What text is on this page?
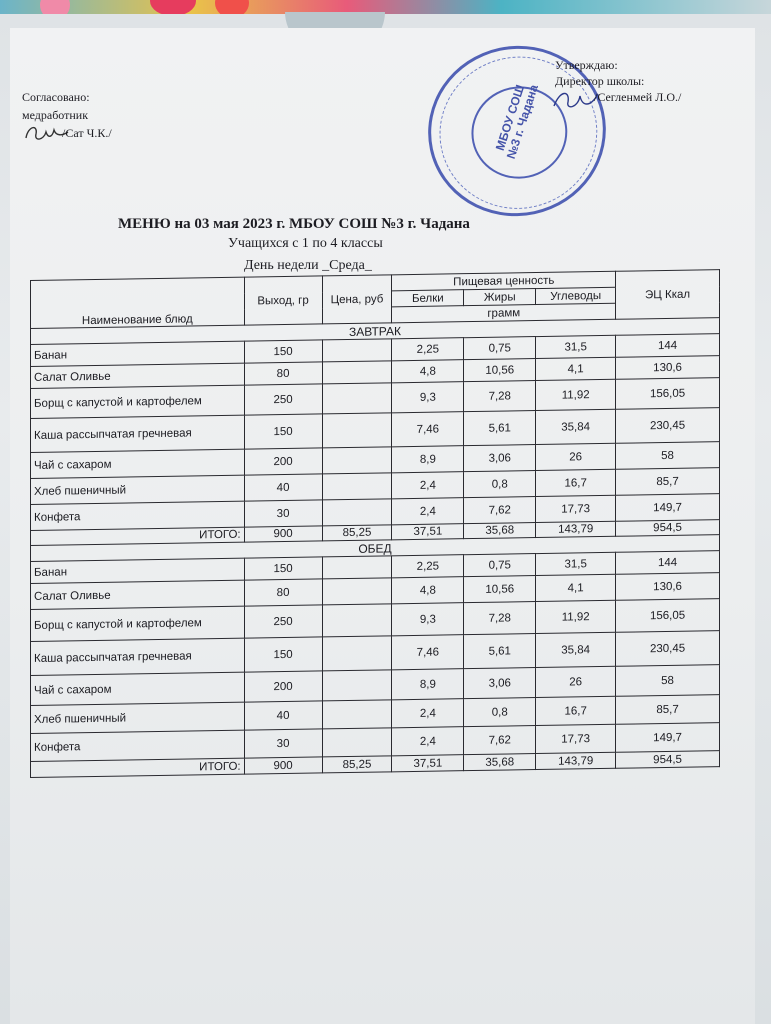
Согласовано:
медработник
/Сат Ч.К./	МБОУ СОШ №3 г. Чадана
Утверждаю:
Директор школы:
/Сегленмей Л.О./
МЕНЮ на 03 мая 2023 г. МБОУ СОШ №3 г. Чадана
Учащихся с 1 по 4 классы
День недели _Среда_
Наименование блюд	Выход, гр	Цена, руб	Пищевая ценность			ЭЦ Ккал
			Белки	Жиры	Углеводы	
			грамм			
ЗАВТРАК						
Банан	150		2,25	0,75	31,5	144
Салат Оливье	80		4,8	10,56	4,1	130,6
Борщ с капустой и картофелем	250		9,3	7,28	11,92	156,05
Каша рассыпчатая гречневая	150		7,46	5,61	35,84	230,45
Чай с сахаром	200		8,9	3,06	26	58
Хлеб пшеничный	40		2,4	0,8	16,7	85,7
Конфета	30		2,4	7,62	17,73	149,7
ИТОГО:	900	85,25	37,51	35,68	143,79	954,5
ОБЕД						
Банан	150		2,25	0,75	31,5	144
Салат Оливье	80		4,8	10,56	4,1	130,6
Борщ с капустой и картофелем	250		9,3	7,28	11,92	156,05
Каша рассыпчатая гречневая	150		7,46	5,61	35,84	230,45
Чай с сахаром	200		8,9	3,06	26	58
Хлеб пшеничный	40		2,4	0,8	16,7	85,7
Конфета	30		2,4	7,62	17,73	149,7
ИТОГО:	900	85,25	37,51	35,68	143,79	954,5
